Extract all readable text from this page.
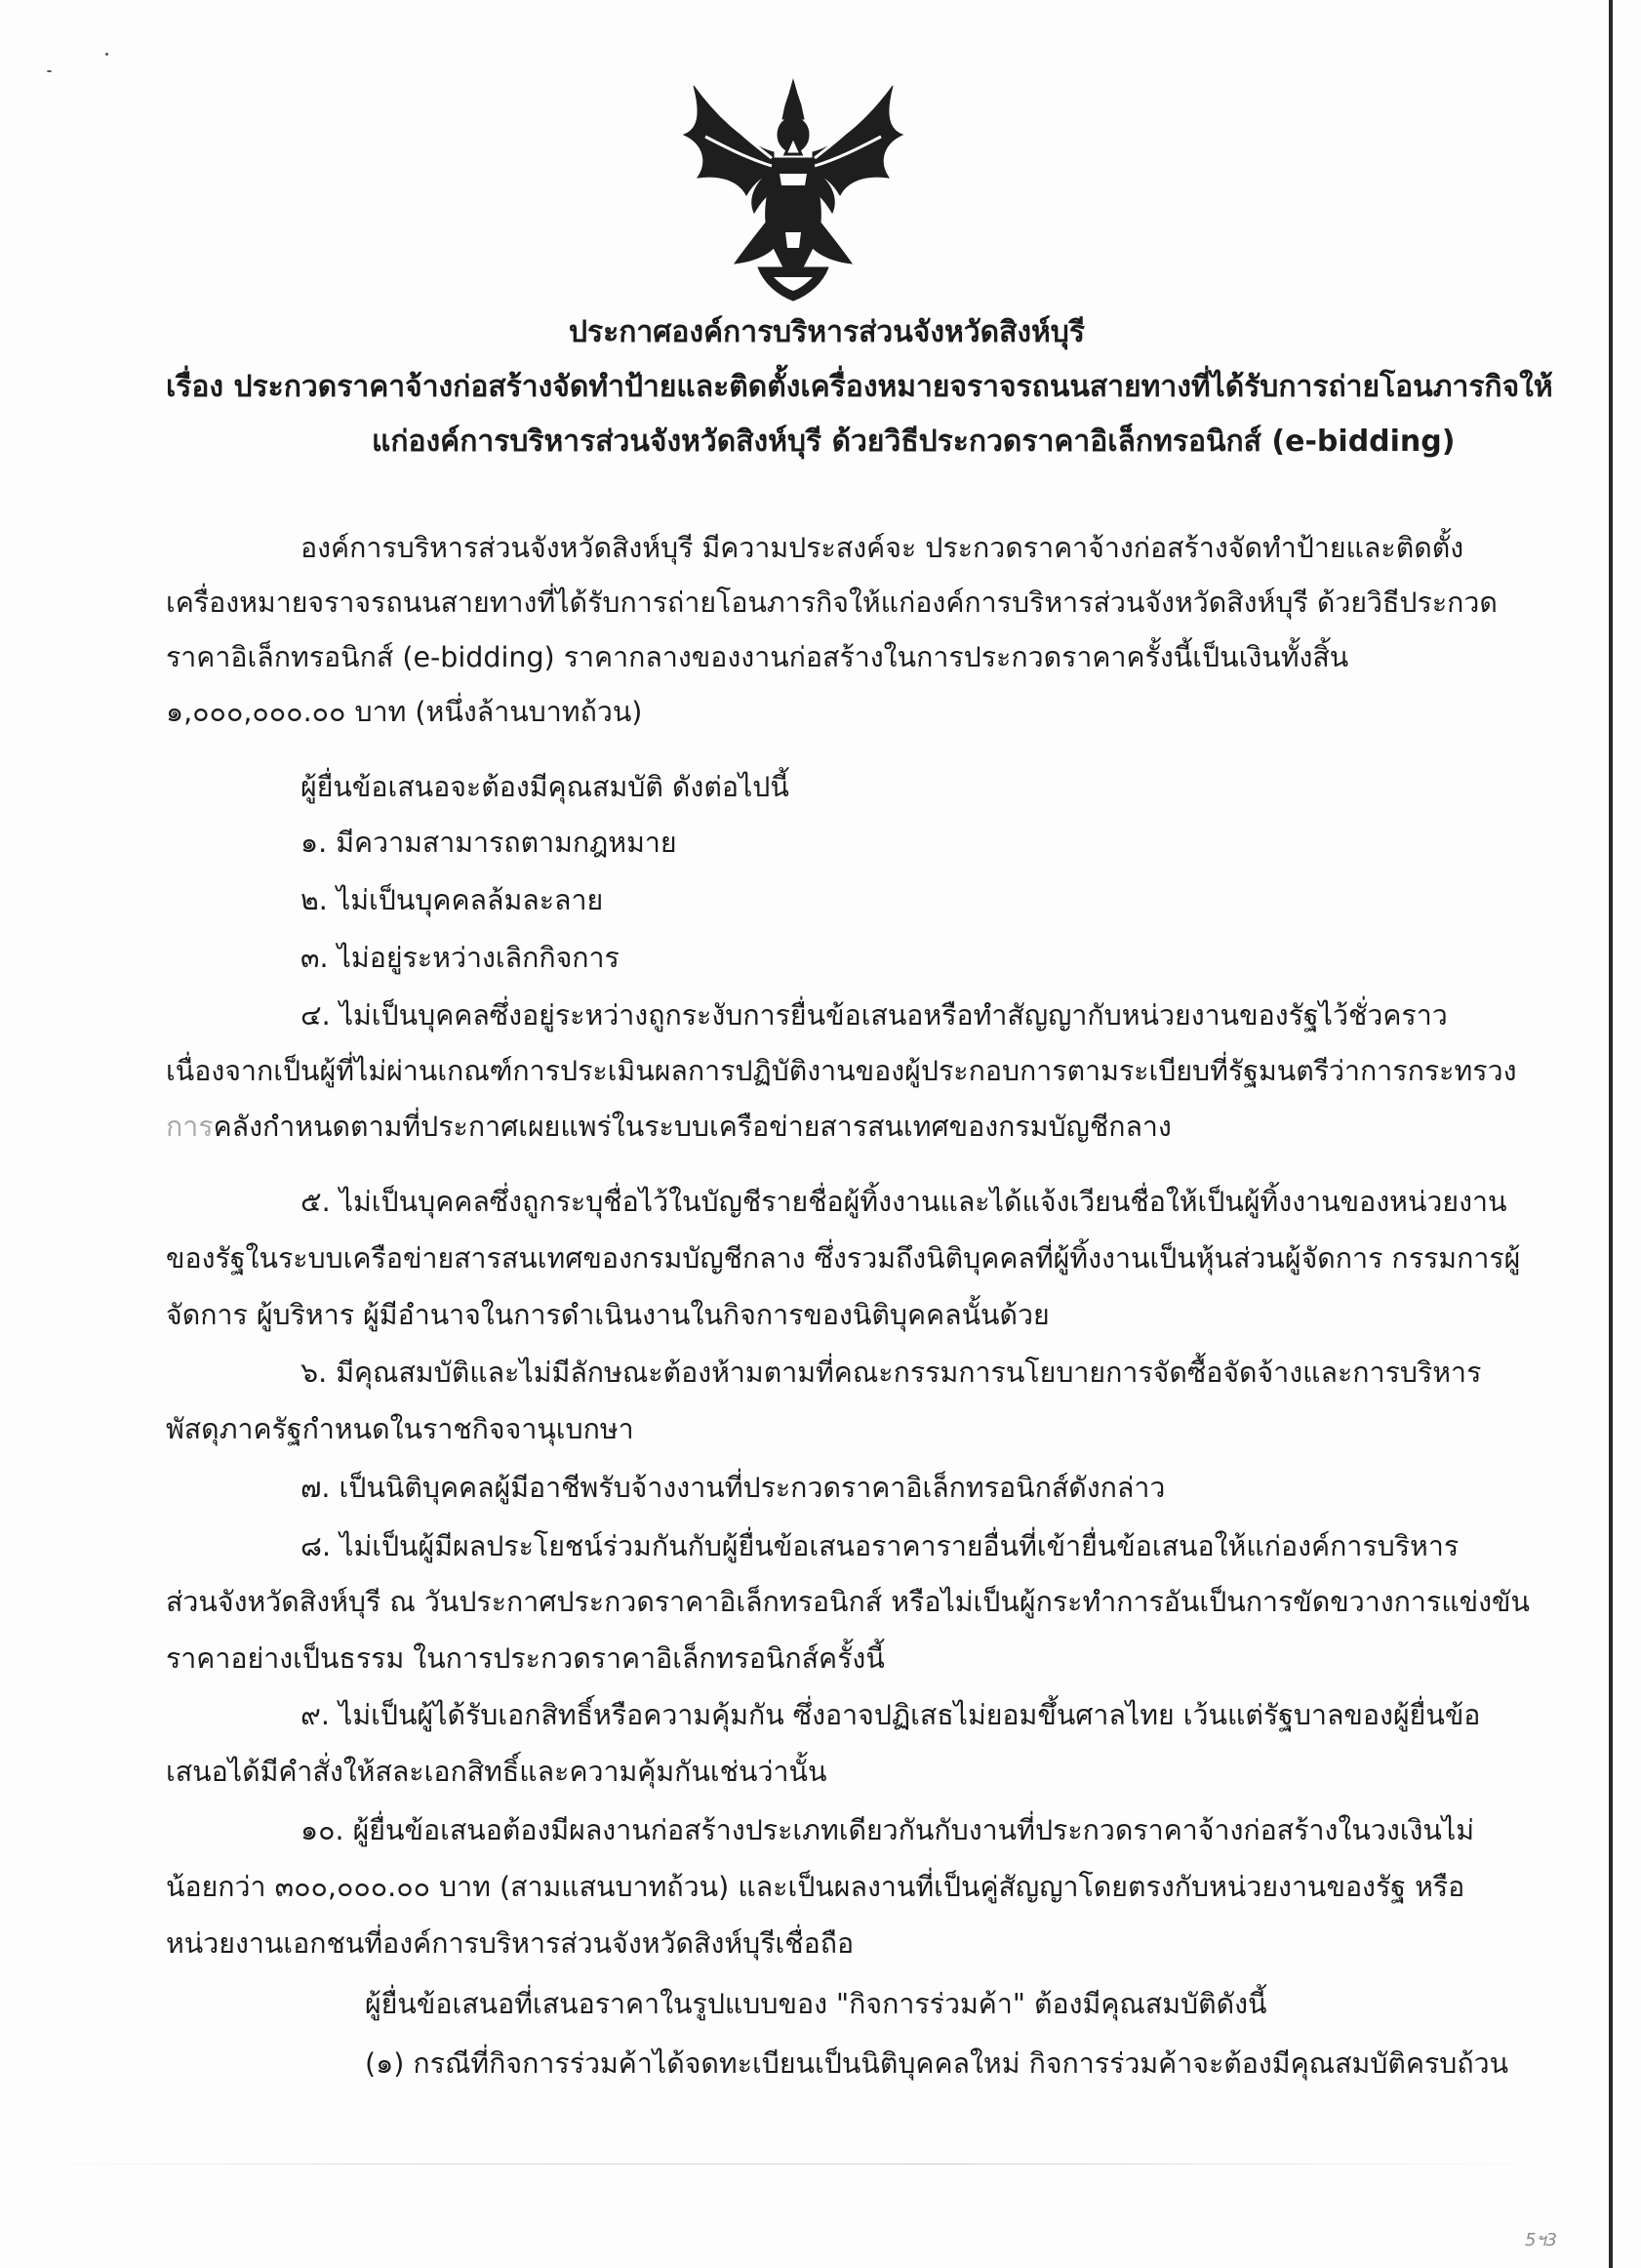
ประกาศองค์การบริหารส่วนจังหวัดสิงห์บุรี
เรื่อง ประกวดราคาจ้างก่อสร้างจัดทำป้ายและติดตั้งเครื่องหมายจราจรถนนสายทางที่ได้รับการถ่ายโอนภารกิจให้
แก่องค์การบริหารส่วนจังหวัดสิงห์บุรี ด้วยวิธีประกวดราคาอิเล็กทรอนิกส์ (e-bidding)
องค์การบริหารส่วนจังหวัดสิงห์บุรี มีความประสงค์จะ ประกวดราคาจ้างก่อสร้างจัดทำป้ายและติดตั้ง
เครื่องหมายจราจรถนนสายทางที่ได้รับการถ่ายโอนภารกิจให้แก่องค์การบริหารส่วนจังหวัดสิงห์บุรี ด้วยวิธีประกวด
ราคาอิเล็กทรอนิกส์ (e-bidding) ราคากลางของงานก่อสร้างในการประกวดราคาครั้งนี้เป็นเงินทั้งสิ้น
๑,๐๐๐,๐๐๐.๐๐ บาท (หนึ่งล้านบาทถ้วน)
ผู้ยื่นข้อเสนอจะต้องมีคุณสมบัติ ดังต่อไปนี้
๑. มีความสามารถตามกฎหมาย
๒. ไม่เป็นบุคคลล้มละลาย
๓. ไม่อยู่ระหว่างเลิกกิจการ
๔. ไม่เป็นบุคคลซึ่งอยู่ระหว่างถูกระงับการยื่นข้อเสนอหรือทำสัญญากับหน่วยงานของรัฐไว้ชั่วคราว
เนื่องจากเป็นผู้ที่ไม่ผ่านเกณฑ์การประเมินผลการปฏิบัติงานของผู้ประกอบการตามระเบียบที่รัฐมนตรีว่าการกระทรวง
การคลังกำหนดตามที่ประกาศเผยแพร่ในระบบเครือข่ายสารสนเทศของกรมบัญชีกลาง
๕. ไม่เป็นบุคคลซึ่งถูกระบุชื่อไว้ในบัญชีรายชื่อผู้ทิ้งงานและได้แจ้งเวียนชื่อให้เป็นผู้ทิ้งงานของหน่วยงาน
ของรัฐในระบบเครือข่ายสารสนเทศของกรมบัญชีกลาง ซึ่งรวมถึงนิติบุคคลที่ผู้ทิ้งงานเป็นหุ้นส่วนผู้จัดการ กรรมการผู้
จัดการ ผู้บริหาร ผู้มีอำนาจในการดำเนินงานในกิจการของนิติบุคคลนั้นด้วย
๖. มีคุณสมบัติและไม่มีลักษณะต้องห้ามตามที่คณะกรรมการนโยบายการจัดซื้อจัดจ้างและการบริหาร
พัสดุภาครัฐกำหนดในราชกิจจานุเบกษา
๗. เป็นนิติบุคคลผู้มีอาชีพรับจ้างงานที่ประกวดราคาอิเล็กทรอนิกส์ดังกล่าว
๘. ไม่เป็นผู้มีผลประโยชน์ร่วมกันกับผู้ยื่นข้อเสนอราคารายอื่นที่เข้ายื่นข้อเสนอให้แก่องค์การบริหาร
ส่วนจังหวัดสิงห์บุรี ณ วันประกาศประกวดราคาอิเล็กทรอนิกส์ หรือไม่เป็นผู้กระทำการอันเป็นการขัดขวางการแข่งขัน
ราคาอย่างเป็นธรรม ในการประกวดราคาอิเล็กทรอนิกส์ครั้งนี้
๙. ไม่เป็นผู้ได้รับเอกสิทธิ์หรือความคุ้มกัน ซึ่งอาจปฏิเสธไม่ยอมขึ้นศาลไทย เว้นแต่รัฐบาลของผู้ยื่นข้อ
เสนอได้มีคำสั่งให้สละเอกสิทธิ์และความคุ้มกันเช่นว่านั้น
๑๐. ผู้ยื่นข้อเสนอต้องมีผลงานก่อสร้างประเภทเดียวกันกับงานที่ประกวดราคาจ้างก่อสร้างในวงเงินไม่
น้อยกว่า ๓๐๐,๐๐๐.๐๐ บาท (สามแสนบาทถ้วน) และเป็นผลงานที่เป็นคู่สัญญาโดยตรงกับหน่วยงานของรัฐ หรือ
หน่วยงานเอกชนที่องค์การบริหารส่วนจังหวัดสิงห์บุรีเชื่อถือ
ผู้ยื่นข้อเสนอที่เสนอราคาในรูปแบบของ "กิจการร่วมค้า" ต้องมีคุณสมบัติดังนี้
(๑) กรณีที่กิจการร่วมค้าได้จดทะเบียนเป็นนิติบุคคลใหม่ กิจการร่วมค้าจะต้องมีคุณสมบัติครบถ้วน
5ฯ3
